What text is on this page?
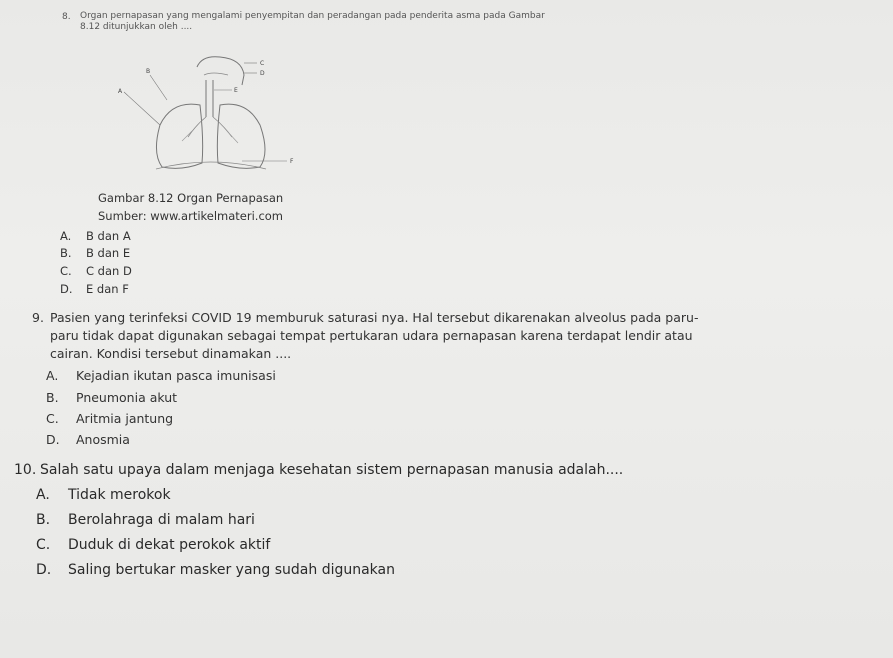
8. Organ pernapasan yang mengalami penyempitan dan peradangan pada penderita asma pada Gambar
8.12 ditunjukkan oleh ....
A
B
C
D
E
F
Gambar 8.12 Organ Pernapasan
Sumber: www.artikelmateri.com
A. B dan A
B. B dan E
C. C dan D
D. E dan F
9. Pasien yang terinfeksi COVID 19 memburuk saturasi nya. Hal tersebut dikarenakan alveolus pada paru-
paru tidak dapat digunakan sebagai tempat pertukaran udara pernapasan karena terdapat lendir atau
cairan. Kondisi tersebut dinamakan ....
A. Kejadian ikutan pasca imunisasi
B. Pneumonia akut
C. Aritmia jantung
D. Anosmia
10. Salah satu upaya dalam menjaga kesehatan sistem pernapasan manusia adalah....
A. Tidak merokok
B. Berolahraga di malam hari
C. Duduk di dekat perokok aktif
D. Saling bertukar masker yang sudah digunakan
